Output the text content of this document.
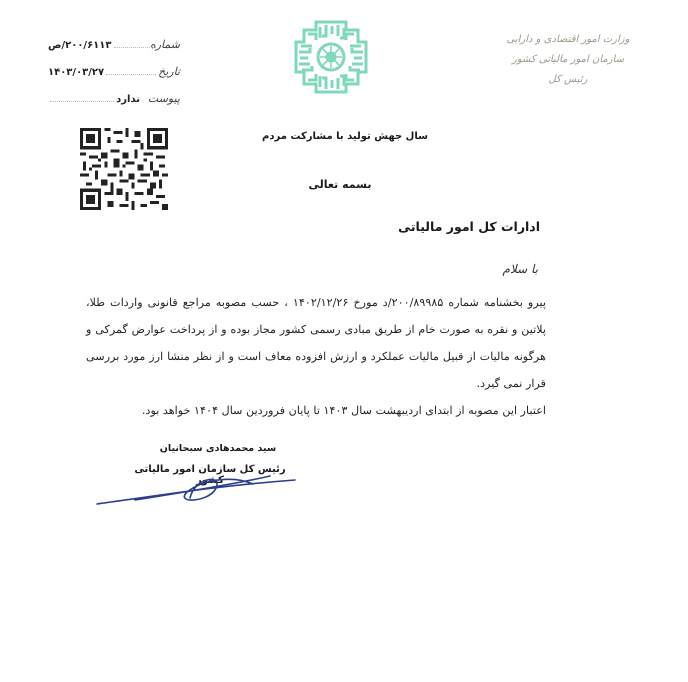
شماره
۲۰۰/۶۱۱۳/ص
تاریخ
۱۴۰۳/۰۳/۲۷
پیوست
ندارد
وزارت امور اقتصادی و دارایی
سازمان امور مالیاتی کشور
رئیس کل
سال جهش تولید با مشارکت مردم
بسمه تعالی
ادارات کل امور مالیاتی
با سلام

پیرو بخشنامه شماره ۲۰۰/۸۹۹۸۵/د مورخ ۱۴۰۲/۱۲/۲۶ ، حسب مصوبه مراجع قانونی واردات طلا، پلاتین و نقره به صورت خام از طریق مبادی رسمی کشور مجاز بوده و از پرداخت عوارض گمرکی و هرگونه مالیات از قبیل مالیات عملکرد و ارزش افزوده معاف است و از نظر منشا ارز مورد بررسی قرار نمی گیرد.

اعتبار این مصوبه از ابتدای اردیبهشت سال ۱۴۰۳ تا پایان فروردین سال ۱۴۰۴ خواهد بود.

سید محمدهادی سبحانیان
رئیس کل سازمان امور مالیاتی کشور
